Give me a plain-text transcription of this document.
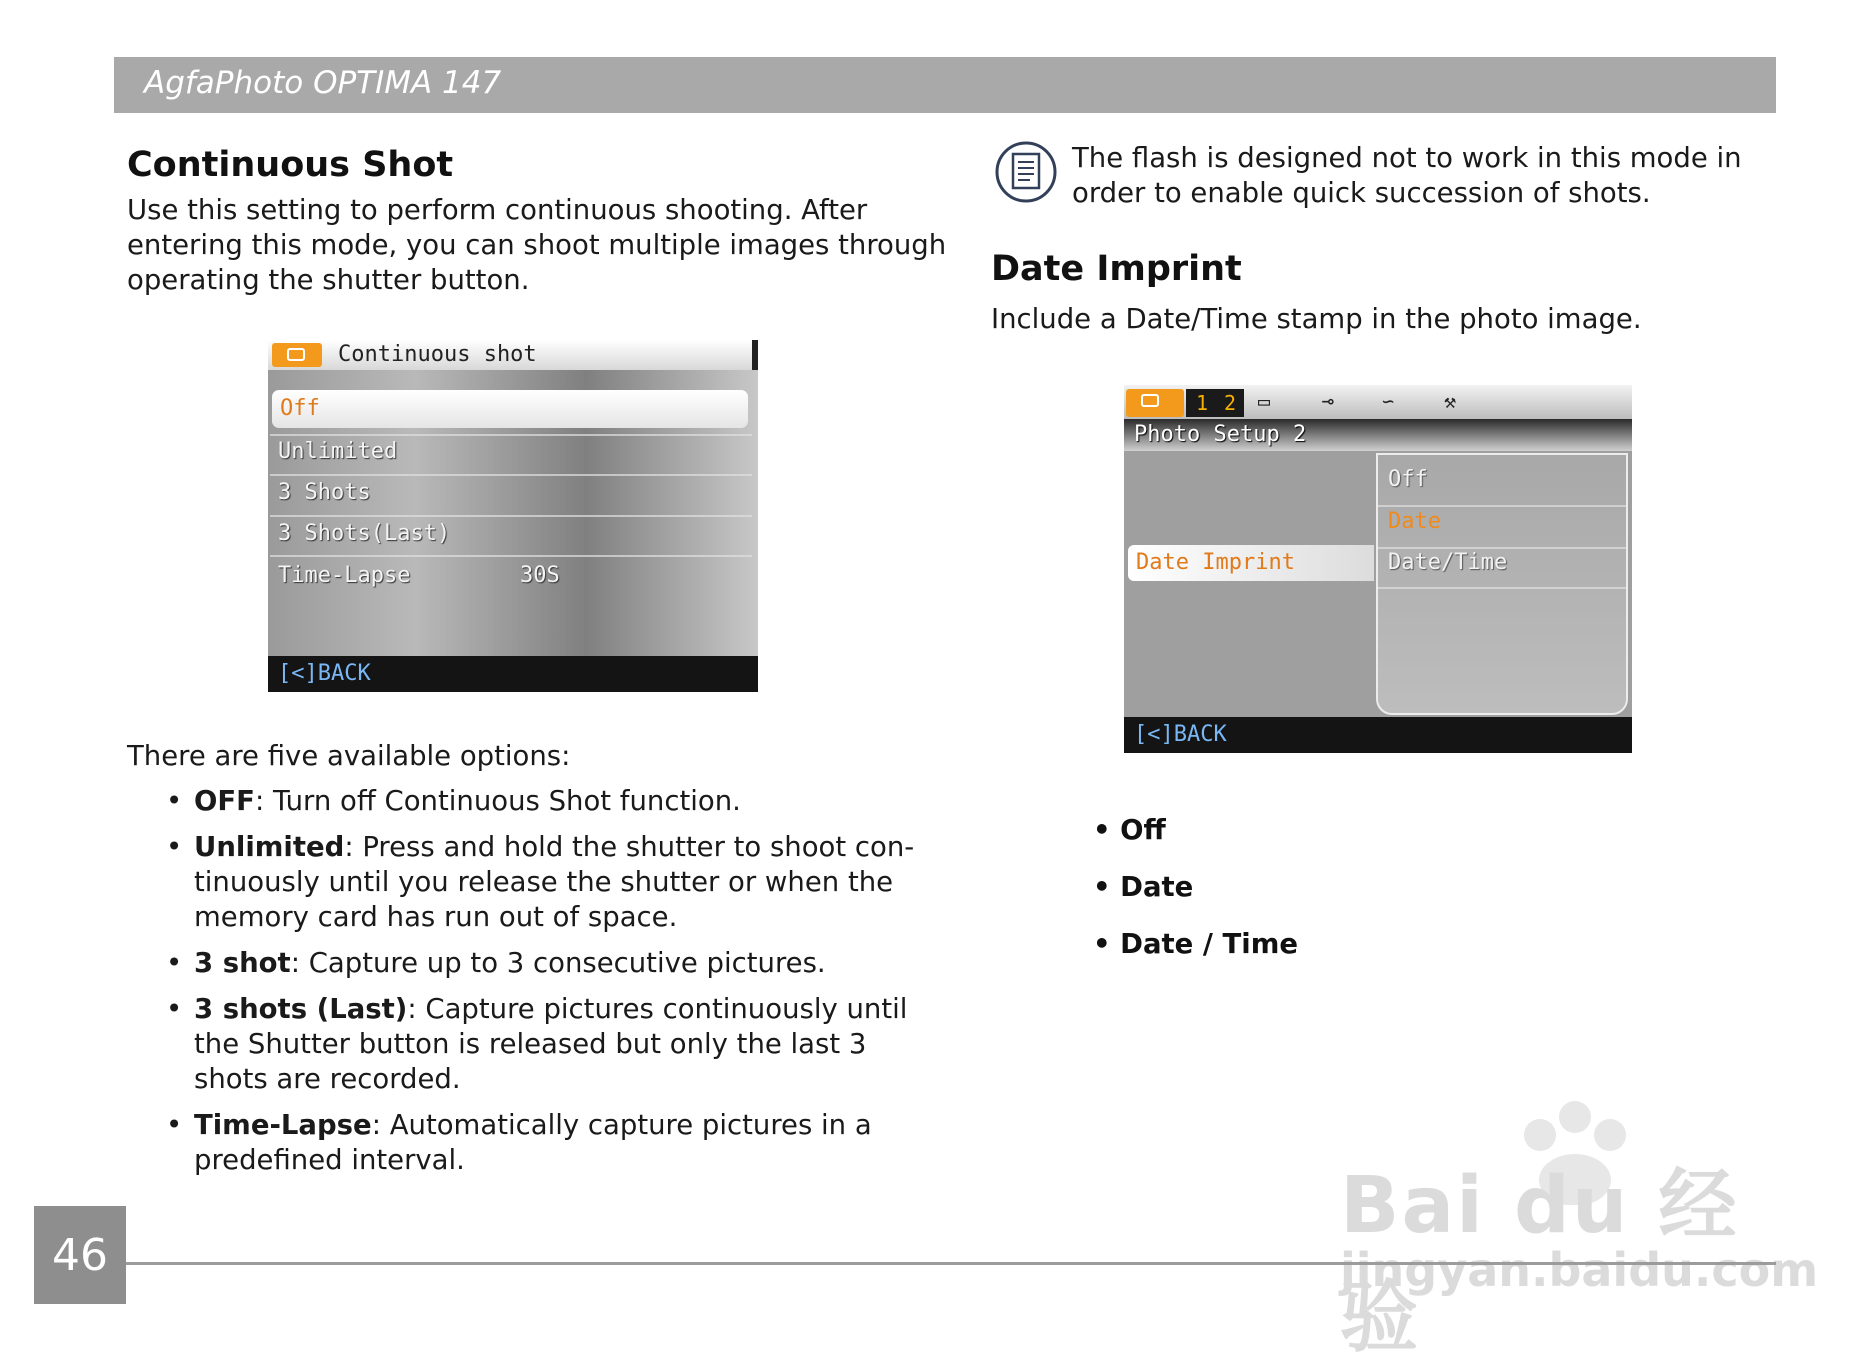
AgfaPhoto OPTIMA 147
Continuous Shot
Use this setting to perform continuous shooting. After
entering this mode, you can shoot multiple images through
operating the shutter button.
Continuous shot
Off
Unlimited
3 Shots
3 Shots(Last)
Time-Lapse	30S
[<]BACK
There are five available options:
• OFF: Turn off Continuous Shot function.
• Unlimited: Press and hold the shutter to shoot con-tinuously until you release the shutter or when the memory card has run out of space.
• 3 shot: Capture up to 3 consecutive pictures.
• 3 shots (Last): Capture pictures continuously until the Shutter button is released but only the last 3 shots are recorded.
• Time-Lapse: Automatically capture pictures in a predefined interval.
The flash is designed not to work in this mode in
order to enable quick succession of shots.
Date Imprint
Include a Date/Time stamp in the photo image.
1 2 ▭	⊸ ∽ ⚒
Photo Setup 2
Date Imprint
Off
Date
Date/Time
[<]BACK
• Off
• Date
• Date / Time
46
Bai du 经验
jingyan.baidu.com
